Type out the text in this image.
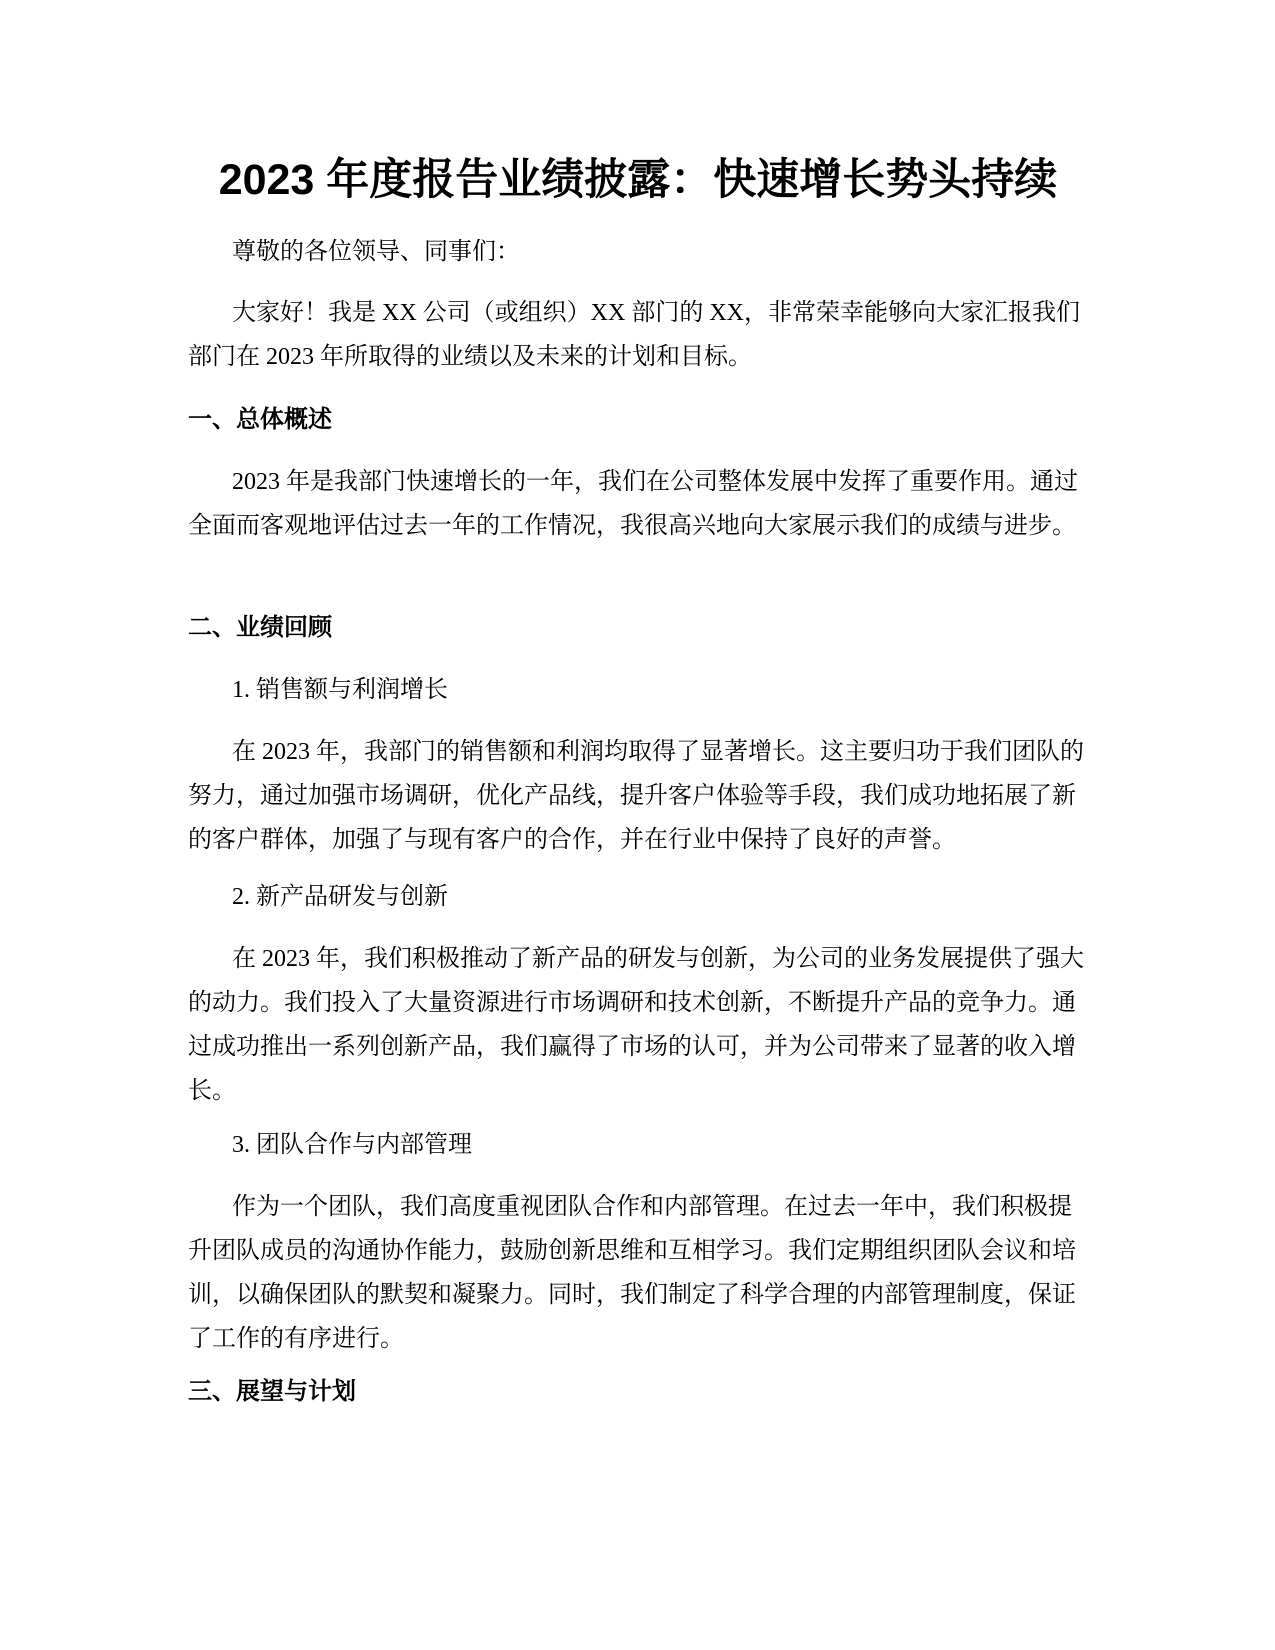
2023 年度报告业绩披露：快速增长势头持续

尊敬的各位领导、同事们：

大家好！我是 XX 公司（或组织）XX 部门的 XX，非常荣幸能够向大家汇报我们部门在 2023 年所取得的业绩以及未来的计划和目标。

一、总体概述

2023 年是我部门快速增长的一年，我们在公司整体发展中发挥了重要作用。通过全面而客观地评估过去一年的工作情况，我很高兴地向大家展示我们的成绩与进步。

二、业绩回顾

1. 销售额与利润增长

在 2023 年，我部门的销售额和利润均取得了显著增长。这主要归功于我们团队的努力，通过加强市场调研，优化产品线，提升客户体验等手段，我们成功地拓展了新的客户群体，加强了与现有客户的合作，并在行业中保持了良好的声誉。

2. 新产品研发与创新

在 2023 年，我们积极推动了新产品的研发与创新，为公司的业务发展提供了强大的动力。我们投入了大量资源进行市场调研和技术创新，不断提升产品的竞争力。通过成功推出一系列创新产品，我们赢得了市场的认可，并为公司带来了显著的收入增长。

3. 团队合作与内部管理

作为一个团队，我们高度重视团队合作和内部管理。在过去一年中，我们积极提升团队成员的沟通协作能力，鼓励创新思维和互相学习。我们定期组织团队会议和培训，以确保团队的默契和凝聚力。同时，我们制定了科学合理的内部管理制度，保证了工作的有序进行。

三、展望与计划
